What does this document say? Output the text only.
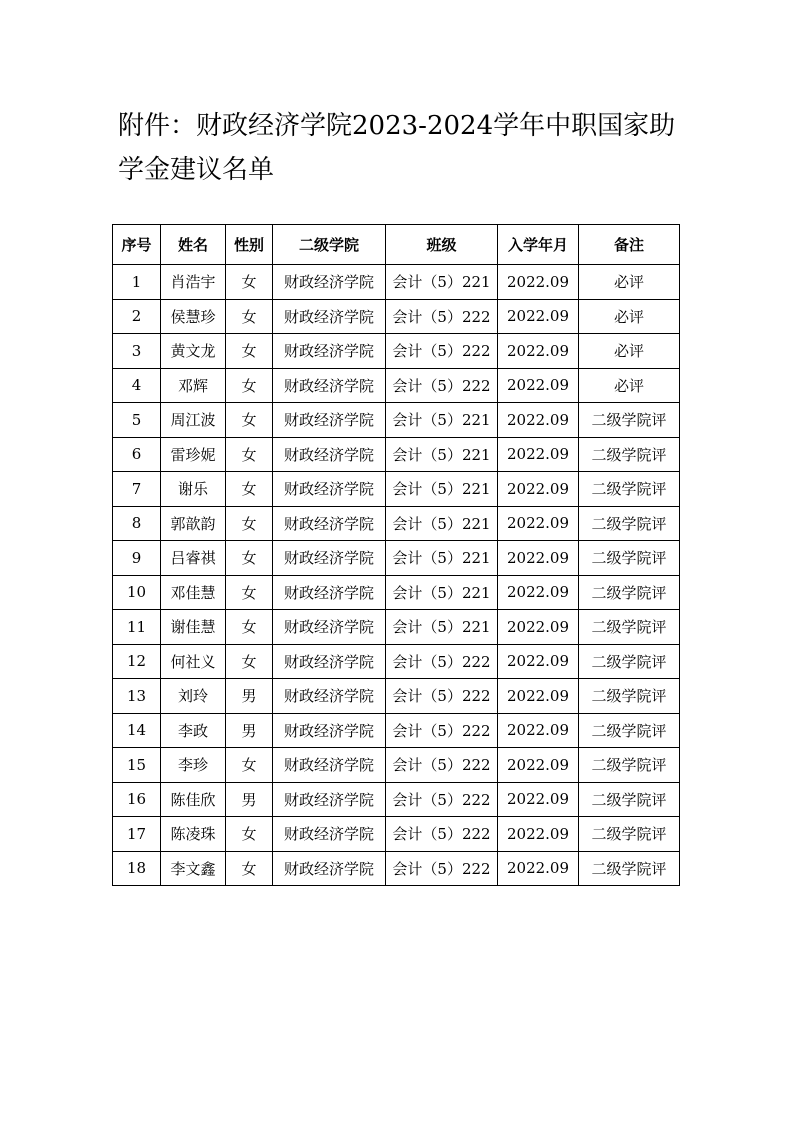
附件：财政经济学院2023-2024学年中职国家助学金建议名单
序号	姓名	性别	二级学院	班级	入学年月	备注
1	肖浩宇	女	财政经济学院	会计（5）221	2022.09	必评
2	侯慧珍	女	财政经济学院	会计（5）222	2022.09	必评
3	黄文龙	女	财政经济学院	会计（5）222	2022.09	必评
4	邓辉	女	财政经济学院	会计（5）222	2022.09	必评
5	周江波	女	财政经济学院	会计（5）221	2022.09	二级学院评
6	雷珍妮	女	财政经济学院	会计（5）221	2022.09	二级学院评
7	谢乐	女	财政经济学院	会计（5）221	2022.09	二级学院评
8	郭歆韵	女	财政经济学院	会计（5）221	2022.09	二级学院评
9	吕睿祺	女	财政经济学院	会计（5）221	2022.09	二级学院评
10	邓佳慧	女	财政经济学院	会计（5）221	2022.09	二级学院评
11	谢佳慧	女	财政经济学院	会计（5）221	2022.09	二级学院评
12	何社义	女	财政经济学院	会计（5）222	2022.09	二级学院评
13	刘玲	男	财政经济学院	会计（5）222	2022.09	二级学院评
14	李政	男	财政经济学院	会计（5）222	2022.09	二级学院评
15	李珍	女	财政经济学院	会计（5）222	2022.09	二级学院评
16	陈佳欣	男	财政经济学院	会计（5）222	2022.09	二级学院评
17	陈凌珠	女	财政经济学院	会计（5）222	2022.09	二级学院评
18	李文鑫	女	财政经济学院	会计（5）222	2022.09	二级学院评
